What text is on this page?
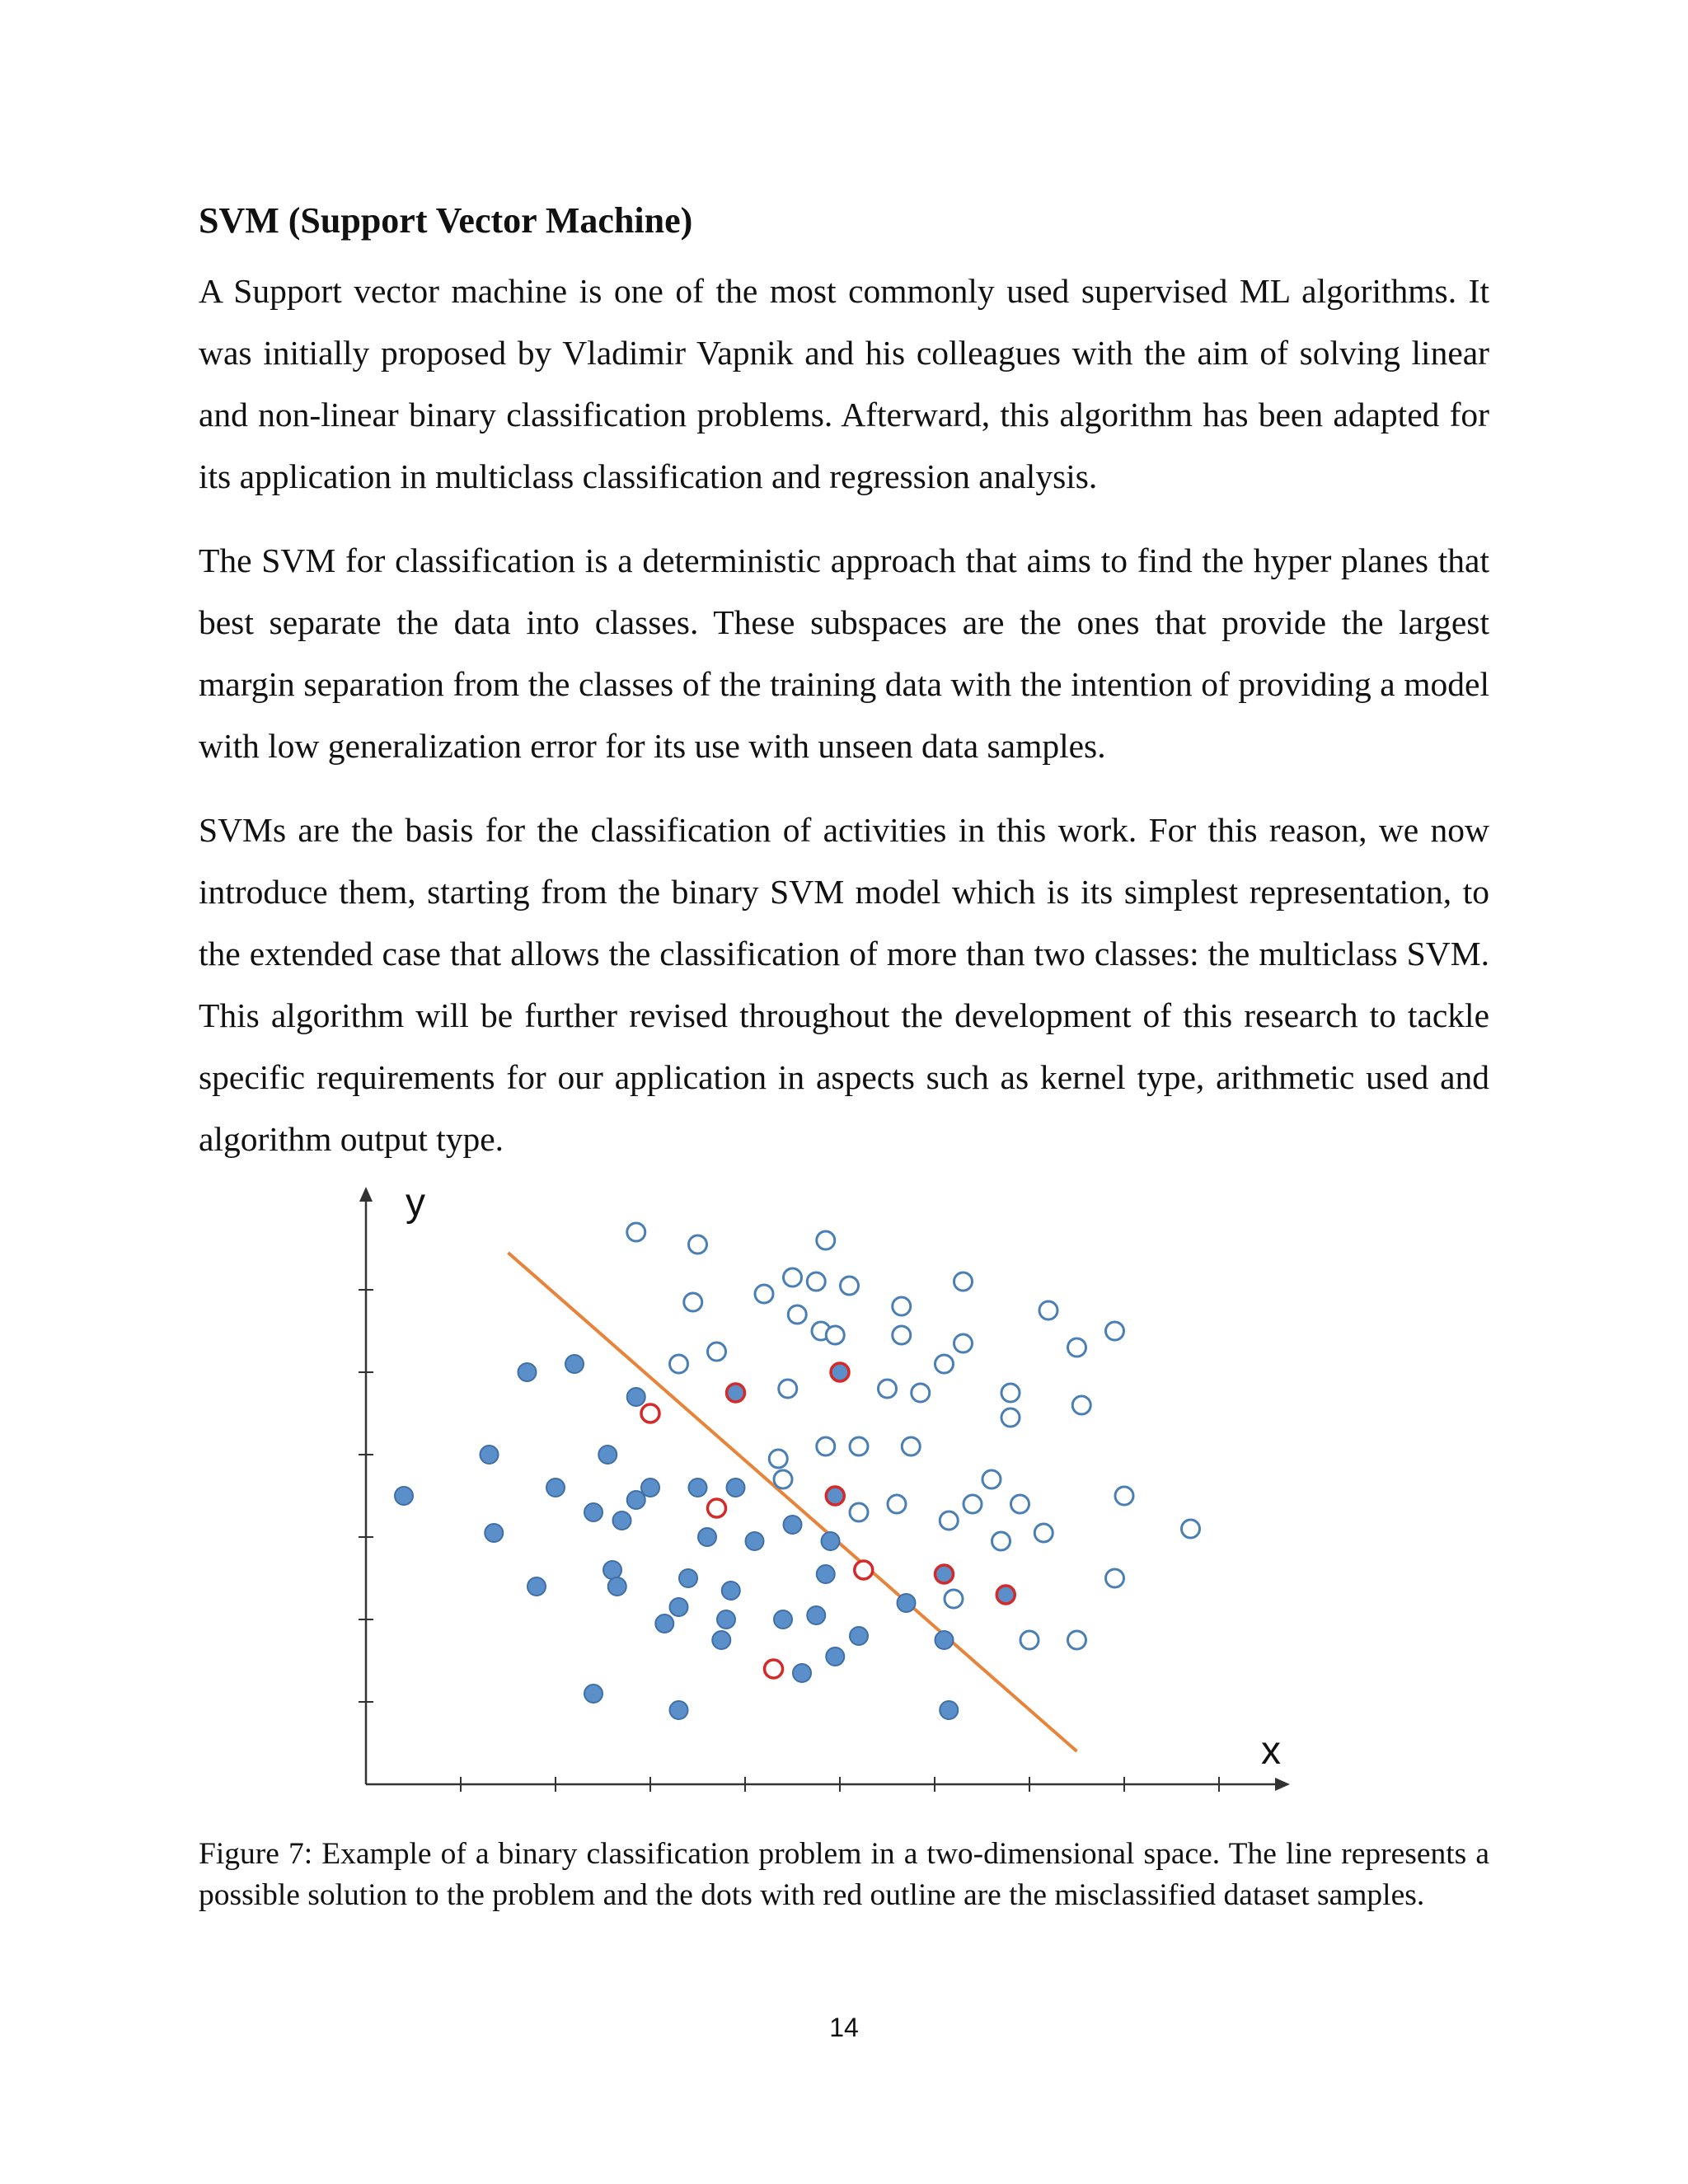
SVM (Support Vector Machine)

A Support vector machine is one of the most commonly used supervised ML algorithms. It was initially proposed by Vladimir Vapnik and his colleagues with the aim of solving linear and non-linear binary classification problems. Afterward, this algorithm has been adapted for its application in multiclass classification and regression analysis.

The SVM for classification is a deterministic approach that aims to find the hyper planes that best separate the data into classes. These subspaces are the ones that provide the largest margin separation from the classes of the training data with the intention of providing a model with low generalization error for its use with unseen data samples.

SVMs are the basis for the classification of activities in this work. For this reason, we now introduce them, starting from the binary SVM model which is its simplest representation, to the extended case that allows the classification of more than two classes: the multiclass SVM. This algorithm will be further revised throughout the development of this research to tackle specific requirements for our application in aspects such as kernel type, arithmetic used and algorithm output type.

x
y

Figure 7: Example of a binary classification problem in a two-dimensional space. The line represents a possible solution to the problem and the dots with red outline are the misclassified dataset samples.

14
